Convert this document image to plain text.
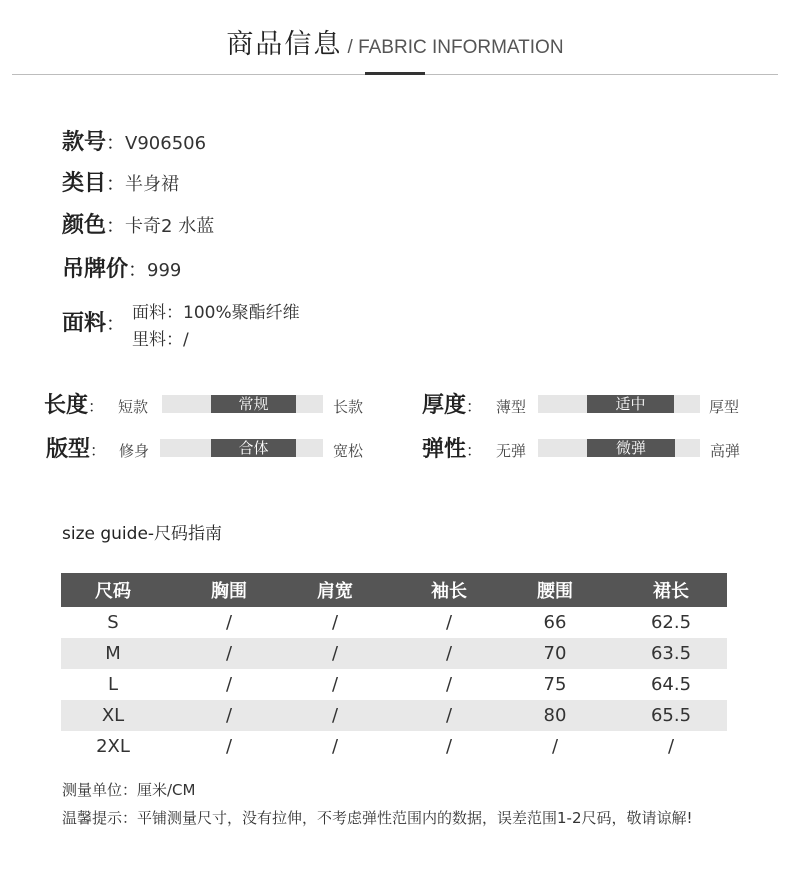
商品信息 / FABRIC INFORMATION
款号：V906506
类目：半身裙
颜色：卡奇2 水蓝
吊牌价：999
面料： 面料：100%聚酯纤维
里料：/
长度： 短款	常规	长款	厚度： 薄型	适中	厚型
版型： 修身	合体	宽松	弹性： 无弹	微弹	高弹
size guide-尺码指南
尺码	胸围	肩宽	袖长	腰围	裙长
S	/	/	/	66	62.5
M	/	/	/	70	63.5
L	/	/	/	75	64.5
XL	/	/	/	80	65.5
2XL	/	/	/	/	/
测量单位：厘米/CM
温馨提示：平铺测量尺寸，没有拉伸，不考虑弹性范围内的数据，误差范围1-2尺码，敬请谅解!
